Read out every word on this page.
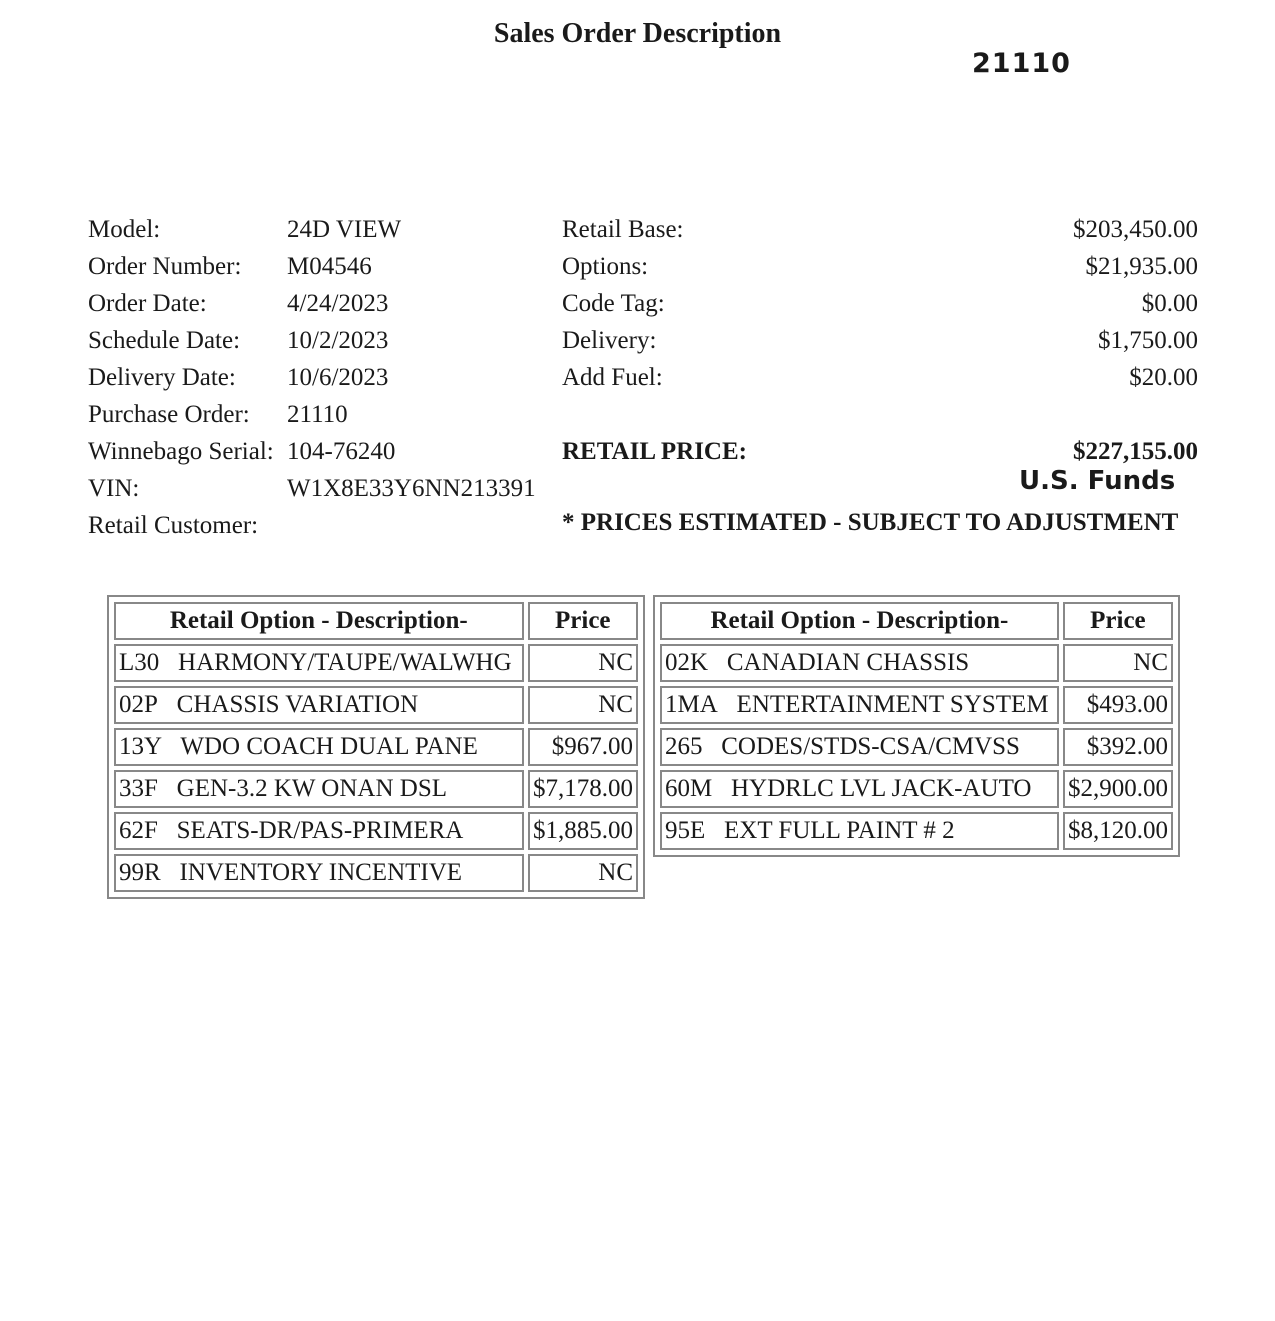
Sales Order Description
21110
Model:	24D VIEW
Order Number: M04546
Order Date:	4/24/2023
Schedule Date: 10/2/2023
Delivery Date: 10/6/2023
Purchase Order: 21110
Winnebago Serial: 104-76240
VIN:	W1X8E33Y6NN213391
Retail Customer:
Retail Base:	$203,450.00
Options:	$21,935.00
Code Tag:	$0.00
Delivery:	$1,750.00
Add Fuel:	$20.00
RETAIL PRICE:	$227,155.00
U.S. Funds
* PRICES ESTIMATED - SUBJECT TO ADJUSTMENT
Retail Option - Description-	Price
L30 HARMONY/TAUPE/WALWHG	NC
02P CHASSIS VARIATION	NC
13Y WDO COACH DUAL PANE	$967.00
33F GEN-3.2 KW ONAN DSL	$7,178.00
62F SEATS-DR/PAS-PRIMERA	$1,885.00
99R INVENTORY INCENTIVE	NC
Retail Option - Description-	Price
02K CANADIAN CHASSIS	NC
1MA ENTERTAINMENT SYSTEM	$493.00
265 CODES/STDS-CSA/CMVSS	$392.00
60M HYDRLC LVL JACK-AUTO	$2,900.00
95E EXT FULL PAINT # 2	$8,120.00
